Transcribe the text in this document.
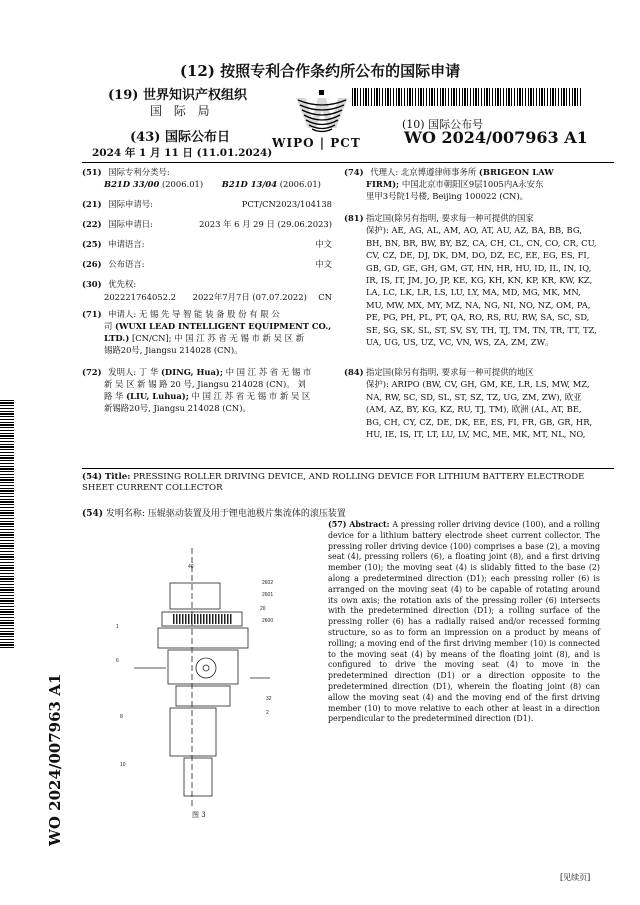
(12) 按照专利合作条约所公布的国际申请
(19) 世界知识产权组织
国 际 局
(43) 国际公布日
2024 年 1 月 11 日 (11.01.2024)
WIPO | PCT
(10) 国际公布号
WO 2024/007963 A1
(51) 国际专利分类号:
B21D 33/00 (2006.01) B21D 13/04 (2006.01)
(21) 国际申请号:	PCT/CN2023/104138
(22) 国际申请日:	2023 年 6 月 29 日 (29.06.2023)
(25) 申请语言:	中文
(26) 公布语言:	中文
(30) 优先权:
202221764052.2 2022年7月7日 (07.07.2022) CN
(71) 申请人: 无 锡 先 导 智 能 装 备 股 份 有 限 公
司 (WUXI LEAD INTELLIGENT EQUIPMENT CO.,
LTD.) [CN/CN]; 中 国 江 苏 省 无 锡 市 新 吴 区 新
锡路20号, Jiangsu 214028 (CN)。
(72) 发明人: 丁 华 (DING, Hua); 中 国 江 苏 省 无 锡 市
新 吴 区 新 锡 路 20 号, Jiangsu 214028 (CN)。 刘
路 华 (LIU, Luhua); 中 国 江 苏 省 无 锡 市 新 吴 区
新锡路20号, Jiangsu 214028 (CN)。
(74) 代理人: 北京博遵律师事务所 (BRIGEON LAW
FIRM); 中国北京市朝阳区9层1005内A永安东
里甲3号院1号楼, Beijing 100022 (CN)。
(81) 指定国(除另有指明, 要求每一种可提供的国家
保护): AE, AG, AL, AM, AO, AT, AU, AZ, BA, BB, BG,
BH, BN, BR, BW, BY, BZ, CA, CH, CL, CN, CO, CR, CU,
CV, CZ, DE, DJ, DK, DM, DO, DZ, EC, EE, EG, ES, FI,
GB, GD, GE, GH, GM, GT, HN, HR, HU, ID, IL, IN, IQ,
IR, IS, IT, JM, JO, JP, KE, KG, KH, KN, KP, KR, KW, KZ,
LA, LC, LK, LR, LS, LU, LY, MA, MD, MG, MK, MN,
MU, MW, MX, MY, MZ, NA, NG, NI, NO, NZ, OM, PA,
PE, PG, PH, PL, PT, QA, RO, RS, RU, RW, SA, SC, SD,
SE, SG, SK, SL, ST, SV, SY, TH, TJ, TM, TN, TR, TT, TZ,
UA, UG, US, UZ, VC, VN, WS, ZA, ZM, ZW。
(84) 指定国(除另有指明, 要求每一种可提供的地区
保护): ARIPO (BW, CV, GH, GM, KE, LR, LS, MW, MZ,
NA, RW, SC, SD, SL, ST, SZ, TZ, UG, ZM, ZW), 欧亚
(AM, AZ, BY, KG, KZ, RU, TJ, TM), 欧洲 (AL, AT, BE,
BG, CH, CY, CZ, DE, DK, EE, ES, FI, FR, GB, GR, HR,
HU, IE, IS, IT, LT, LU, LV, MC, ME, MK, MT, NL, NO,
(54) Title: PRESSING ROLLER DRIVING DEVICE, AND ROLLING DEVICE FOR LITHIUM BATTERY ELECTRODE SHEET CURRENT COLLECTOR
(54) 发明名称: 压辊驱动装置及用于锂电池极片集流体的滚压装置
40
2602
2601
20
2600
1
6
32
2
8
10
图 3
(57) Abstract: A pressing roller driving device (100), and a rolling device for a lithium battery electrode sheet current collector. The pressing roller driving device (100) comprises a base (2), a moving seat (4), pressing rollers (6), a floating joint (8), and a first driving member (10); the moving seat (4) is slidably fitted to the base (2) along a predetermined direction (D1); each pressing roller (6) is arranged on the moving seat (4) to be capable of rotating around its own axis; the rotation axis of the pressing roller (6) intersects with the predetermined direction (D1); a rolling surface of the pressing roller (6) has a radially raised and/or recessed forming structure, so as to form an impression on a product by means of rolling; a moving end of the first driving member (10) is connected to the moving seat (4) by means of the floating joint (8), and is configured to drive the moving seat (4) to move in the predetermined direction (D1) or a direction opposite to the predetermined direction (D1), wherein the floating joint (8) can allow the moving seat (4) and the moving end of the first driving member (10) to move relative to each other at least in a direction perpendicular to the predetermined direction (D1).
WO 2024/007963 A1
[见续页]
